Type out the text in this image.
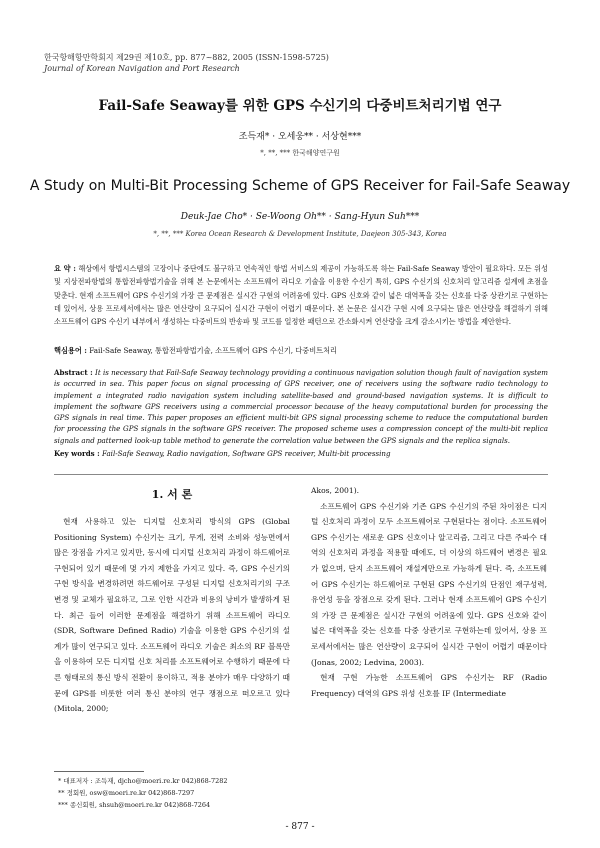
한국항해항만학회지 제29권 제10호, pp. 877~882, 2005 (ISSN-1598-5725)
Journal of Korean Navigation and Port Research
Fail-Safe Seaway를 위한 GPS 수신기의 다중비트처리기법 연구
조득재* · 오세웅** · 서상현***
*, **, *** 한국해양연구원
A Study on Multi-Bit Processing Scheme of GPS Receiver for Fail-Safe Seaway
Deuk-Jae Cho* · Se-Woong Oh** · Sang-Hyun Suh***
*, **, *** Korea Ocean Research & Development Institute, Daejeon 305-343, Korea
요 약 : 해상에서 항법시스템의 고장이나 중단에도 불구하고 연속적인 항법 서비스의 제공이 가능하도록 하는 Fail-Safe Seaway 방안이 필요하다. 모든 위성 및 지상전파항법의 통합전파항법기술을 위해 본 논문에서는 소프트웨어 라디오 기술을 이용한 수신기 특히, GPS 수신기의 신호처리 알고리즘 설계에 초점을 맞춘다. 현재 소프트웨어 GPS 수신기의 가장 큰 문제점은 실시간 구현의 어려움에 있다. GPS 신호와 같이 넓은 대역폭을 갖는 신호를 다중 상관기로 구현하는데 있어서, 상용 프로세서에서는 많은 연산량이 요구되어 실시간 구현이 어렵기 때문이다. 본 논문은 실시간 구현 시에 요구되는 많은 연산량을 해결하기 위해 소프트웨어 GPS 수신기 내부에서 생성하는 다중비트의 반송파 및 코드를 일정한 패턴으로 간소화시켜 연산량을 크게 감소시키는 방법을 제안한다.
핵심용어 : Fail-Safe Seaway, 통합전파항법기술, 소프트웨어 GPS 수신기, 다중비트처리
Abstract : It is necessary that Fail-Safe Seaway technology providing a continuous navigation solution though fault of navigation system is occurred in sea. This paper focus on signal processing of GPS receiver, one of receivers using the software radio technology to implement a integrated radio navigation system including satellite-based and ground-based navigation systems. It is difficult to implement the software GPS receivers using a commercial processor because of the heavy computational burden for processing the GPS signals in real time. This paper proposes an efficient multi-bit GPS signal processing scheme to reduce the computational burden for processing the GPS signals in the software GPS receiver. The proposed scheme uses a compression concept of the multi-bit replica signals and patterned look-up table method to generate the correlation value between the GPS signals and the replica signals.
Key words : Fail-Safe Seaway, Radio navigation, Software GPS receiver, Multi-bit processing
1. 서 론

현재 사용하고 있는 디지털 신호처리 방식의 GPS (Global Positioning System) 수신기는 크기, 무게, 전력 소비와 성능면에서 많은 장점을 가지고 있지만, 동시에 디지털 신호처리 과정이 하드웨어로 구현되어 있기 때문에 몇 가지 제한을 가지고 있다. 즉, GPS 수신기의 구현 방식을 변경하려면 하드웨어로 구성된 디지털 신호처리기의 구조 변경 및 교체가 필요하고, 그로 인한 시간과 비용의 낭비가 발생하게 된다. 최근 들어 이러한 문제점을 해결하기 위해 소프트웨어 라디오 (SDR, Software Defined Radio) 기술을 이용한 GPS 수신기의 설계가 많이 연구되고 있다. 소프트웨어 라디오 기술은 최소의 RF 블록만을 이용하여 모든 디지털 신호 처리를 소프트웨어로 수행하기 때문에 다른 형태로의 통신 방식 전환이 용이하고, 적용 분야가 매우 다양하기 때문에 GPS를 비롯한 여러 통신 분야의 연구 쟁점으로 떠오르고 있다(Mitola, 2000;

Akos, 2001).

소프트웨어 GPS 수신기와 기존 GPS 수신기의 주된 차이점은 디지털 신호처리 과정이 모두 소프트웨어로 구현된다는 점이다. 소프트웨어 GPS 수신기는 새로운 GPS 신호이나 알고리즘, 그리고 다른 주파수 대역의 신호처리 과정을 적용할 때에도, 더 이상의 하드웨어 변경은 필요가 없으며, 단지 소프트웨어 재설계만으로 가능하게 된다. 즉, 소프트웨어 GPS 수신기는 하드웨어로 구현된 GPS 수신기의 단점인 재구성력, 유연성 등을 장점으로 갖게 된다. 그러나 현재 소프트웨어 GPS 수신기의 가장 큰 문제점은 실시간 구현의 어려움에 있다. GPS 신호와 같이 넓은 대역폭을 갖는 신호를 다중 상관기로 구현하는데 있어서, 상용 프로세서에서는 많은 연산량이 요구되어 실시간 구현이 어렵기 때문이다(Jonas, 2002; Ledvina, 2003).

현재 구현 가능한 소프트웨어 GPS 수신기는 RF (Radio Frequency) 대역의 GPS 위성 신호를 IF (Intermediate

* 대표저자 : 조득재, djcho@moeri.re.kr 042)868-7282
** 정회원, osw@moeri.re.kr 042)868-7297
*** 종신회원, shsuh@moeri.re.kr 042)868-7264
- 877 -
